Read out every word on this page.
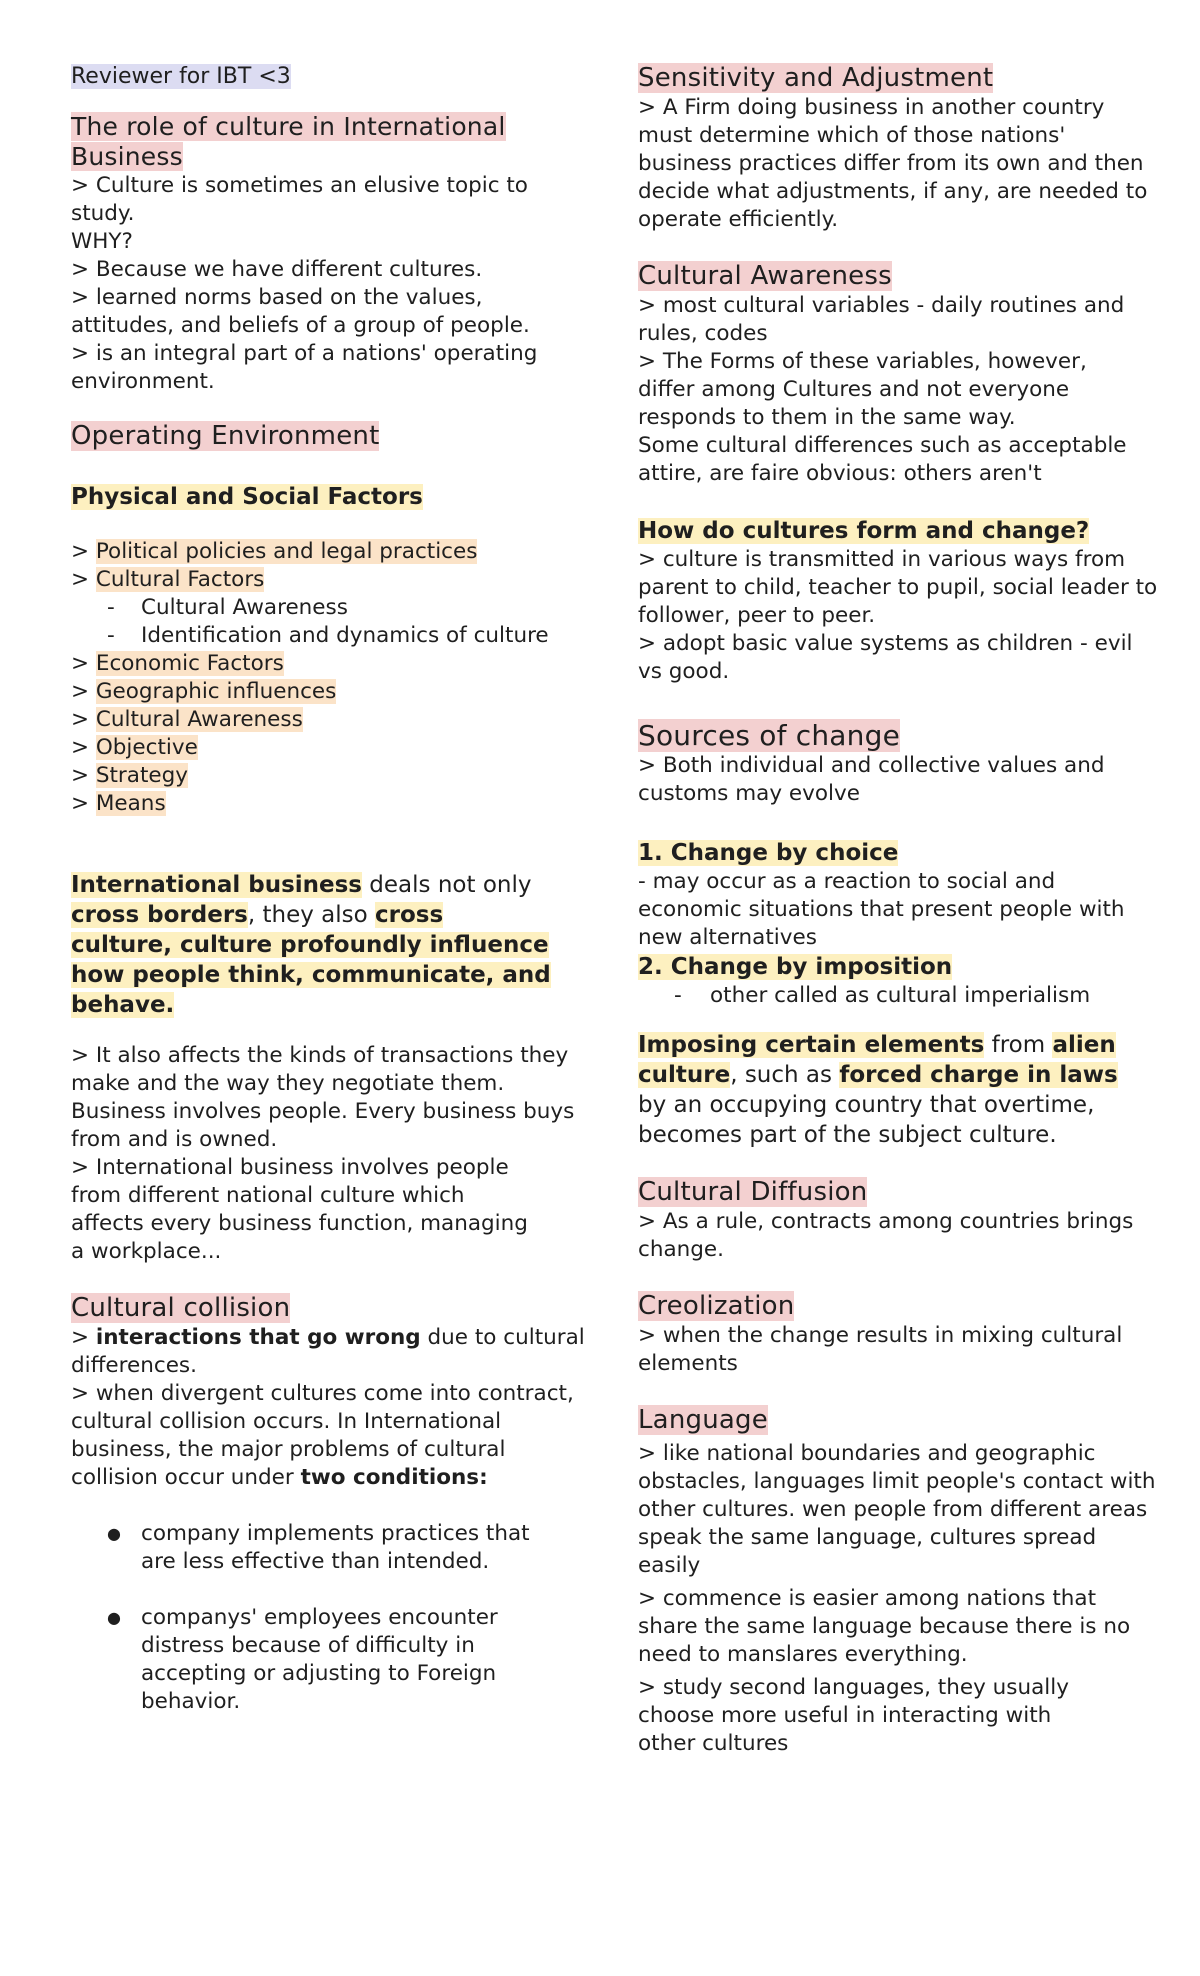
Reviewer for IBT <3
The role of culture in International Business

> Culture is sometimes an elusive topic to study.

WHY?

> Because we have different cultures.

> learned norms based on the values, attitudes, and beliefs of a group of people.

> is an integral part of a nations' operating environment.

Operating Environment
Physical and Social Factors

> Political policies and legal practices

> Cultural Factors

- Cultural Awareness

- Identification and dynamics of culture

> Economic Factors

> Geographic influences

> Cultural Awareness

> Objective

> Strategy

> Means

International business deals not only cross borders, they also cross culture, culture profoundly influence how people think, communicate, and behave.

> It also affects the kinds of transactions they make and the way they negotiate them. Business involves people. Every business buys from and is owned.

> International business involves people from different national culture which affects every business function, managing a workplace...

Cultural collision

> interactions that go wrong due to cultural differences.

> when divergent cultures come into contract, cultural collision occurs. In International business, the major problems of cultural collision occur under two conditions:

● company implements practices that are less effective than intended.

● companys' employees encounter distress because of difficulty in accepting or adjusting to Foreign behavior.

Sensitivity and Adjustment

> A Firm doing business in another country must determine which of those nations' business practices differ from its own and then decide what adjustments, if any, are needed to operate efficiently.

Cultural Awareness

> most cultural variables - daily routines and rules, codes

> The Forms of these variables, however, differ among Cultures and not everyone responds to them in the same way.

Some cultural differences such as acceptable attire, are faire obvious: others aren't

How do cultures form and change?

> culture is transmitted in various ways from parent to child, teacher to pupil, social leader to follower, peer to peer.

> adopt basic value systems as children - evil vs good.

Sources of change

> Both individual and collective values and customs may evolve

1. Change by choice

- may occur as a reaction to social and economic situations that present people with new alternatives

2. Change by imposition

- other called as cultural imperialism

Imposing certain elements from alien culture, such as forced charge in laws by an occupying country that overtime, becomes part of the subject culture.

Cultural Diffusion

> As a rule, contracts among countries brings change.

Creolization

> when the change results in mixing cultural elements

Language

> like national boundaries and geographic obstacles, languages limit people's contact with other cultures. wen people from different areas speak the same language, cultures spread easily

> commence is easier among nations that share the same language because there is no need to manslares everything.

> study second languages, they usually choose more useful in interacting with other cultures
